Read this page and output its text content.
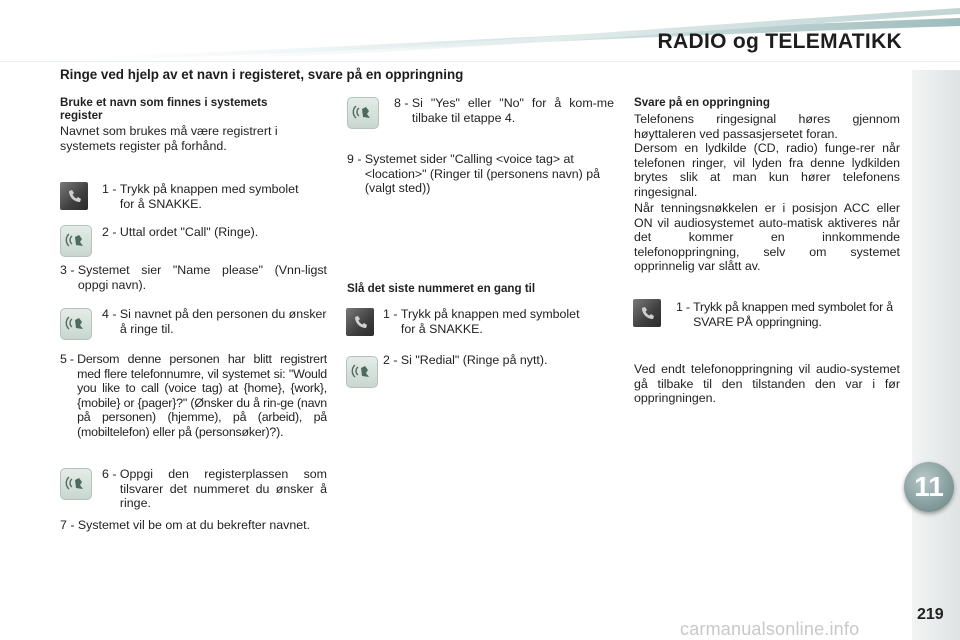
RADIO og TELEMATIKK
11
219
Ringe ved hjelp av et navn i registeret, svare på en oppringning
Bruke et navn som finnes i systemets register
Navnet som brukes må være registrert i systemets register på forhånd.
1 - Trykk på knappen med symbolet for å SNAKKE.
2 - Uttal ordet "Call" (Ringe).
3 - Systemet sier "Name please" (Vnn-ligst oppgi navn).
4 - Si navnet på den personen du ønsker å ringe til.
5 - Dersom denne personen har blitt registrert med flere telefonnumre, vil systemet si: "Would you like to call (voice tag) at {home}, {work}, {mobile} or {pager}?" (Ønsker du å rin-ge (navn på personen) (hjemme), på (arbeid), på (mobiltelefon) eller på (personsøker)?).
6 - Oppgi den registerplassen som tilsvarer det nummeret du ønsker å ringe.
7 - Systemet vil be om at du bekrefter navnet.
8 - Si "Yes" eller "No" for å kom-me tilbake til etappe 4.
9 - Systemet sider "Calling <voice tag> at <location>" (Ringer til (personens navn) på (valgt sted))
Slå det siste nummeret en gang til
1 - Trykk på knappen med symbolet for å SNAKKE.
2 - Si "Redial" (Ringe på nytt).
Svare på en oppringning
Telefonens ringesignal høres gjennom høyttaleren ved passasjersetet foran.
Dersom en lydkilde (CD, radio) funge-rer når telefonen ringer, vil lyden fra denne lydkilden brytes slik at man kun hører telefonens ringesignal.
Når tenningsnøkkelen er i posisjon ACC eller ON vil audiosystemet auto-matisk aktiveres når det kommer en innkommende telefonoppringning, selv om systemet opprinnelig var slått av.
1 - Trykk på knappen med symbolet for å SVARE PÅ oppringning.
Ved endt telefonoppringning vil audio-systemet gå tilbake til den tilstanden den var i før oppringningen.
carmanualsonline.info
